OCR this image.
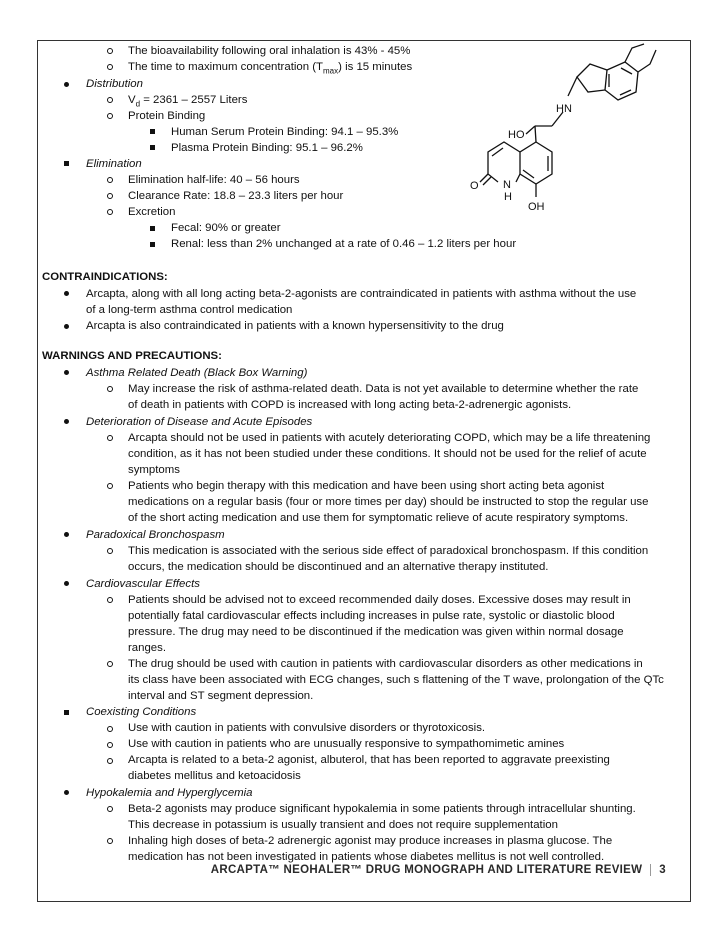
The bioavailability following oral inhalation is 43% - 45%
The time to maximum concentration $(T_{max})$ is 15 minutes
Distribution
$V_d = 2361 - 2557$ Liters
Protein Binding
Human Serum Protein Binding: 94.1 – 95.3%
Plasma Protein Binding: 95.1 – 96.2%
Elimination
Elimination half-life: 40 – 56 hours
Clearance Rate: 18.8 – 23.3 liters per hour
Excretion
Fecal: 90% or greater
Renal: less than 2% unchanged at a rate of 0.46 – 1.2 liters per hour
HN
HO
O N
H
OH
CONTRAINDICATIONS:
Arcapta, along with all long acting beta-2-agonists are contraindicated in patients with asthma without the use
of a long-term asthma control medication
Arcapta is also contraindicated in patients with a known hypersensitivity to the drug
WARNINGS AND PRECAUTIONS:
Asthma Related Death (Black Box Warning)
May increase the risk of asthma-related death. Data is not yet available to determine whether the rate
of death in patients with COPD is increased with long acting beta-2-adrenergic agonists.
Deterioration of Disease and Acute Episodes
Arcapta should not be used in patients with acutely deteriorating COPD, which may be a life threatening
condition, as it has not been studied under these conditions. It should not be used for the relief of acute
symptoms
Patients who begin therapy with this medication and have been using short acting beta agonist
medications on a regular basis (four or more times per day) should be instructed to stop the regular use
of the short acting medication and use them for symptomatic relieve of acute respiratory symptoms.
Paradoxical Bronchospasm
This medication is associated with the serious side effect of paradoxical bronchospasm. If this condition
occurs, the medication should be discontinued and an alternative therapy instituted.
Cardiovascular Effects
Patients should be advised not to exceed recommended daily doses. Excessive doses may result in
potentially fatal cardiovascular effects including increases in pulse rate, systolic or diastolic blood
pressure. The drug may need to be discontinued if the medication was given within normal dosage
ranges.
The drug should be used with caution in patients with cardiovascular disorders as other medications in
its class have been associated with ECG changes, such s flattening of the T wave, prolongation of the QTc
interval and ST segment depression.
Coexisting Conditions
Use with caution in patients with convulsive disorders or thyrotoxicosis.
Use with caution in patients who are unusually responsive to sympathomimetic amines
Arcapta is related to a beta-2 agonist, albuterol, that has been reported to aggravate preexisting
diabetes mellitus and ketoacidosis
Hypokalemia and Hyperglycemia
Beta-2 agonists may produce significant hypokalemia in some patients through intracellular shunting.
This decrease in potassium is usually transient and does not require supplementation
Inhaling high doses of beta-2 adrenergic agonist may produce increases in plasma glucose. The
medication has not been investigated in patients whose diabetes mellitus is not well controlled.
ARCAPTA™ NEOHALER™ DRUG MONOGRAPH AND LITERATURE REVIEW 3
